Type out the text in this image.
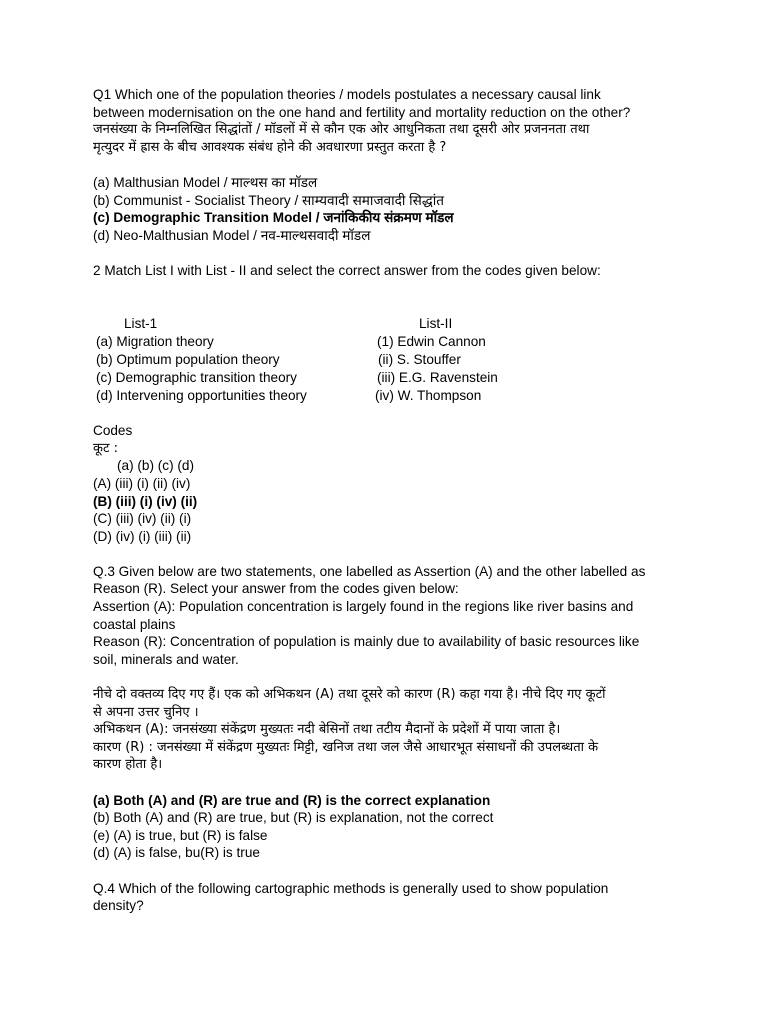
Q1 Which one of the population theories / models postulates a necessary causal link
between modernisation on the one hand and fertility and mortality reduction on the other?
जनसंख्या के निम्नलिखित सिद्धांतों / मॉडलों में से कौन एक ओर आधुनिकता तथा दूसरी ओर प्रजननता तथा
मृत्युदर में ह्रास के बीच आवश्यक संबंध होने की अवधारणा प्रस्तुत करता है ?
(a) Malthusian Model / माल्थस का मॉडल
(b) Communist - Socialist Theory / साम्यवादी समाजवादी सिद्धांत
(c) Demographic Transition Model / जनांकिकीय संक्रमण मॉडल
(d) Neo-Malthusian Model / नव-माल्थसवादी मॉडल
2 Match List I with List - II and select the correct answer from the codes given below:
List-1	List-II
(a) Migration theory
(b) Optimum population theory
(c) Demographic transition theory
(d) Intervening opportunities theory
(1) Edwin Cannon
(ii) S. Stouffer
(iii) E.G. Ravenstein
(iv) W. Thompson
Codes
कूट :
(a) (b) (c) (d)
(A) (iii) (i) (ii) (iv)
(B) (iii) (i) (iv) (ii)
(C) (iii) (iv) (ii) (i)
(D) (iv) (i) (iii) (ii)
Q.3 Given below are two statements, one labelled as Assertion (A) and the other labelled as
Reason (R). Select your answer from the codes given below:
Assertion (A): Population concentration is largely found in the regions like river basins and
coastal plains
Reason (R): Concentration of population is mainly due to availability of basic resources like
soil, minerals and water.
नीचे दो वक्तव्य दिए गए हैं। एक को अभिकथन (A) तथा दूसरे को कारण (R) कहा गया है। नीचे दिए गए कूटों
से अपना उत्तर चुनिए ।
अभिकथन (A): जनसंख्या संकेंद्रण मुख्यतः नदी बेसिनों तथा तटीय मैदानों के प्रदेशों में पाया जाता है।
कारण (R) : जनसंख्या में संकेंद्रण मुख्यतः मिट्टी, खनिज तथा जल जैसे आधारभूत संसाधनों की उपलब्धता के
कारण होता है।
(a) Both (A) and (R) are true and (R) is the correct explanation
(b) Both (A) and (R) are true, but (R) is explanation, not the correct
(e) (A) is true, but (R) is false
(d) (A) is false, bu(R) is true
Q.4 Which of the following cartographic methods is generally used to show population
density?
